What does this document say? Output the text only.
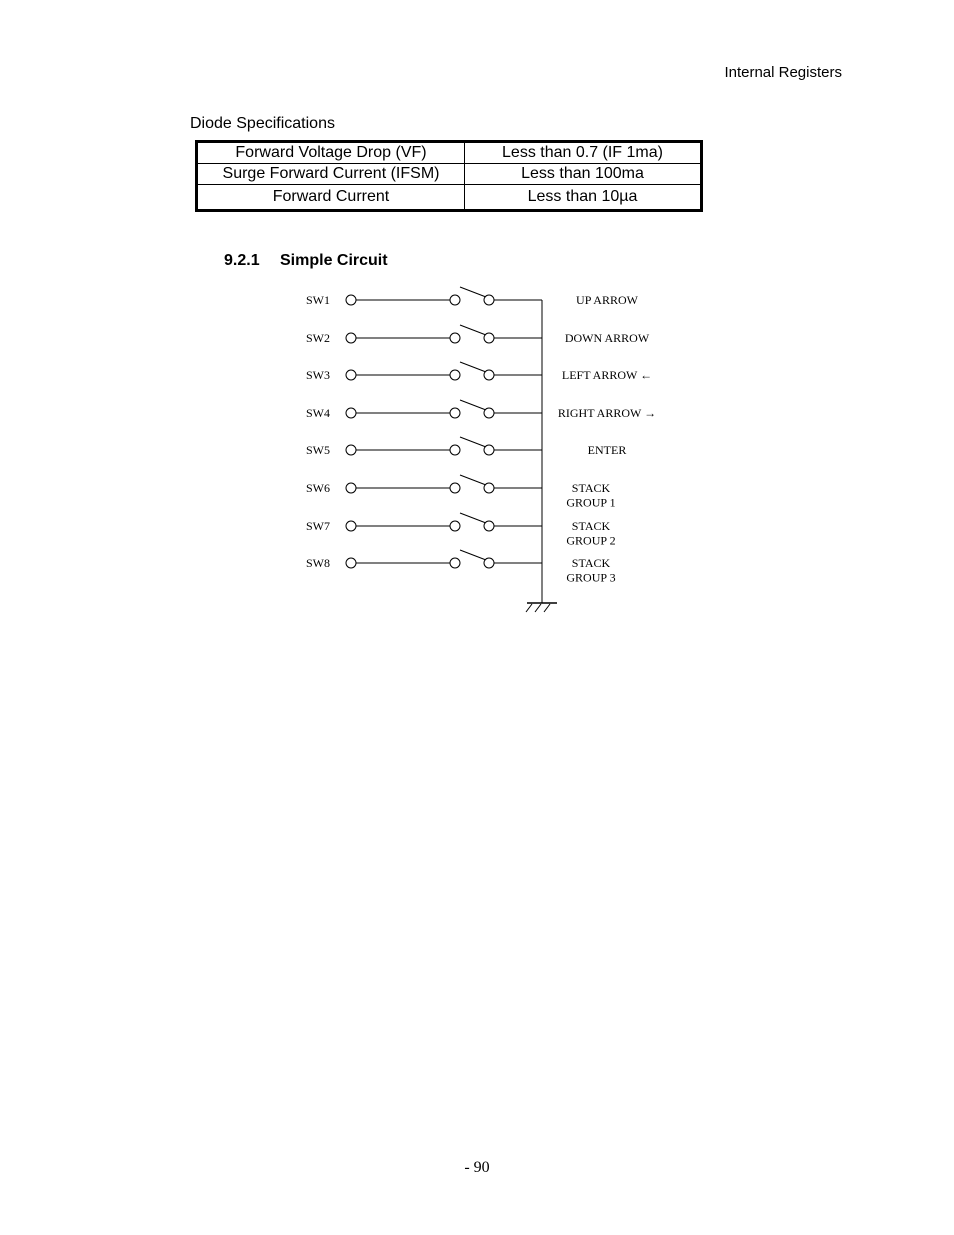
Internal Registers
Diode Specifications
Forward Voltage Drop (VF)	Less than 0.7 (IF 1ma)
Surge Forward Current (IFSM)	Less than 100ma
Forward Current	Less than 10µa
9.2.1 Simple Circuit
SW1	UP ARROW
SW2	DOWN ARROW
SW3	LEFT ARROW ←
SW4	RIGHT ARROW →
SW5	ENTER
SW6	STACK
GROUP 1
SW7	STACK
GROUP 2
SW8	STACK
GROUP 3
- 90
